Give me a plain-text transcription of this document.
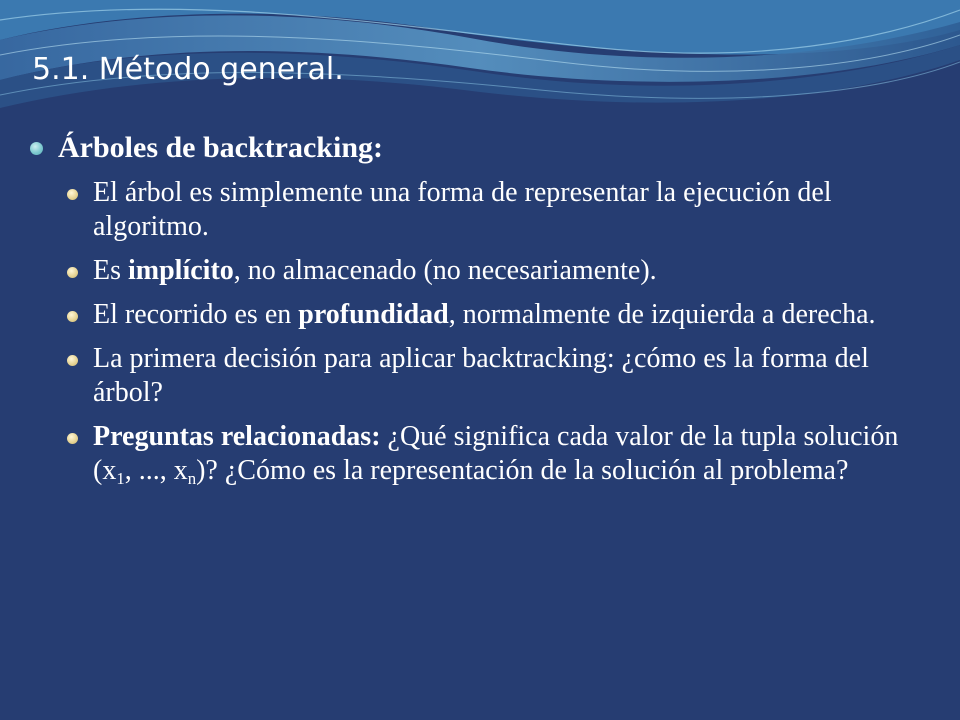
5.1. Método general.
Árboles de backtracking:
El árbol es simplemente una forma de representar la ejecución del algoritmo.
Es implícito, no almacenado (no necesariamente).
El recorrido es en profundidad, normalmente de izquierda a derecha.
La primera decisión para aplicar backtracking: ¿cómo es la forma del árbol?
Preguntas relacionadas: ¿Qué significa cada valor de la tupla solución ($x_1$, ..., $x_n$)? ¿Cómo es la representación de la solución al problema?
